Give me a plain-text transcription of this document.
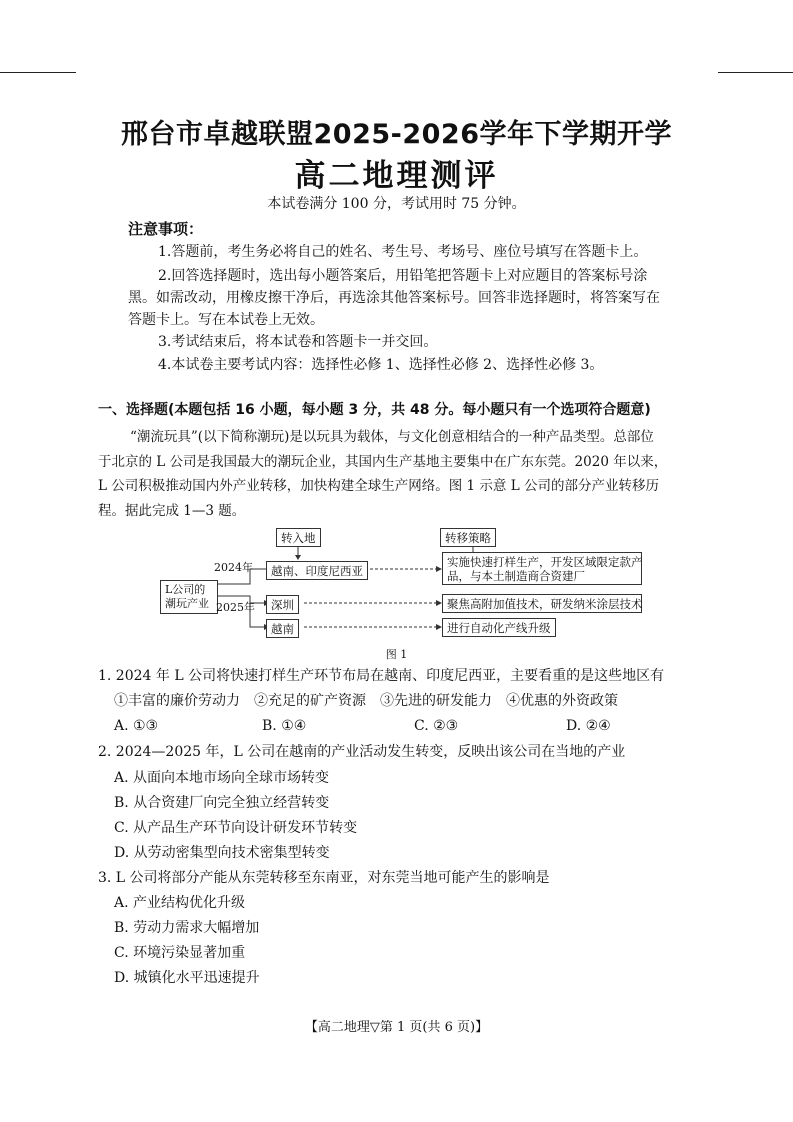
邢台市卓越联盟2025-2026学年下学期开学
高二地理测评
本试卷满分 100 分，考试用时 75 分钟。
注意事项：
1.答题前，考生务必将自己的姓名、考生号、考场号、座位号填写在答题卡上。
2.回答选择题时，选出每小题答案后，用铅笔把答题卡上对应题目的答案标号涂
黑。如需改动，用橡皮擦干净后，再选涂其他答案标号。回答非选择题时，将答案写在
答题卡上。写在本试卷上无效。
3.考试结束后，将本试卷和答题卡一并交回。
4.本试卷主要考试内容：选择性必修 1、选择性必修 2、选择性必修 3。
一、选择题(本题包括 16 小题，每小题 3 分，共 48 分。每小题只有一个选项符合题意)
“潮流玩具”(以下简称潮玩)是以玩具为载体，与文化创意相结合的一种产品类型。总部位
于北京的 L 公司是我国最大的潮玩企业，其国内生产基地主要集中在广东东莞。2020 年以来，
L 公司积极推动国内外产业转移，加快构建全球生产网络。图 1 示意 L 公司的部分产业转移历
程。据此完成 1—3 题。
转入地	转移策略
L公司的潮玩产业
2024年
2025年
越南、印度尼西亚
深圳
越南
实施快速打样生产，开发区域限定款产
品，与本土制造商合资建厂
聚焦高附加值技术，研发纳米涂层技术
进行自动化产线升级
图 1
1. 2024 年 L 公司将快速打样生产环节布局在越南、印度尼西亚，主要看重的是这些地区有
①丰富的廉价劳动力　②充足的矿产资源　③先进的研发能力　④优惠的外资政策
A. ①③	B. ①④	C. ②③	D. ②④
2. 2024—2025 年，L 公司在越南的产业活动发生转变，反映出该公司在当地的产业
A. 从面向本地市场向全球市场转变
B. 从合资建厂向完全独立经营转变
C. 从产品生产环节向设计研发环节转变
D. 从劳动密集型向技术密集型转变
3. L 公司将部分产能从东莞转移至东南亚，对东莞当地可能产生的影响是
A. 产业结构优化升级
B. 劳动力需求大幅增加
C. 环境污染显著加重
D. 城镇化水平迅速提升
【高二地理▽第 1 页(共 6 页)】
